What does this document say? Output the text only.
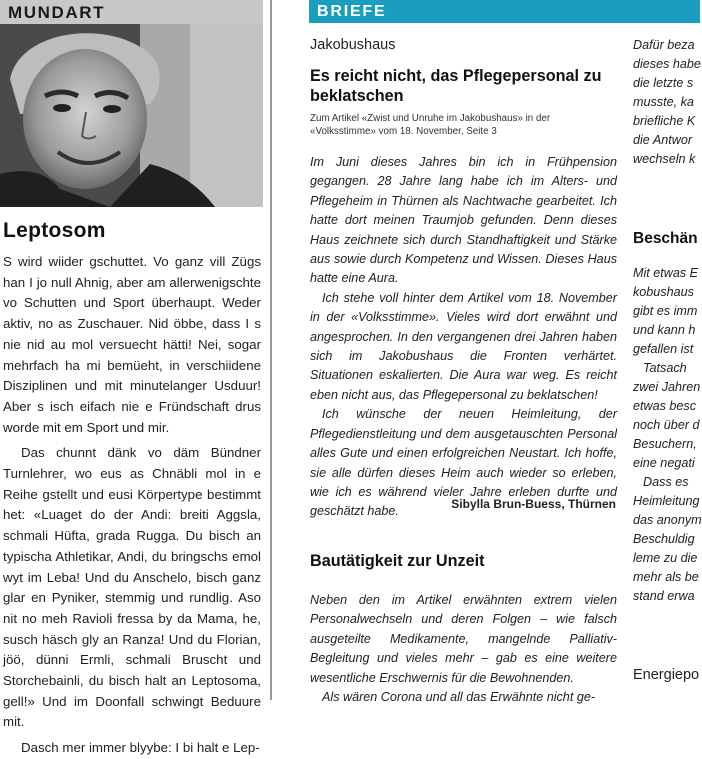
MUNDART
Leptosom

S wird wiider gschuttet. Vo ganz vill Zügs han I jo null Ahnig, aber am allerwenigschte vo Schutten und Sport überhaupt. Weder aktiv, no as Zuschauer. Nid öbbe, dass I s nie nid au mol versuecht hätti! Nei, sogar mehrfach ha mi bemüeht, in verschiidene Disziplinen und mit minutelanger Usduur! Aber s isch eifach nie e Fründschaft drus worde mit em Sport und mir.

Das chunnt dänk vo däm Bündner Turnlehrer, wo eus as Chnäbli mol in e Reihe gstellt und eusi Körpertype bestimmt het: «Luaget do der Andi: breiti Aggsla, schmali Hüfta, grada Rugga. Du bisch an typischa Athletikar, Andi, du bringschs emol wyt im Leba! Und du Anschelo, bisch ganz glar en Pyniker, stemmig und rundlig. Aso nit no meh Ravioli fressa by da Mama, he, susch häsch gly an Ranza! Und du Florian, jöö, dünni Ermli, schmali Bruscht und Storchebainli, du bisch halt an Leptosoma, gell!» Und im Doonfall schwingt Beduure mit.

Dasch mer immer blyybe: I bi halt e Lep-

BRIEFE
Jakobushaus
Es reicht nicht, das Pflegepersonal zu beklatschen
Zum Artikel «Zwist und Unruhe im Jakobushaus» in der «Volksstimme» vom 18. November, Seite 3

Im Juni dieses Jahres bin ich in Frühpension gegangen. 28 Jahre lang habe ich im Alters- und Pflegeheim in Thürnen als Nachtwache gearbeitet. Ich hatte dort meinen Traumjob gefunden. Denn dieses Haus zeichnete sich durch Standhaftigkeit und Stärke aus sowie durch Kompetenz und Wissen. Dieses Haus hatte eine Aura.

Ich stehe voll hinter dem Artikel vom 18. November in der «Volksstimme». Vieles wird dort erwähnt und angesprochen. In den vergangenen drei Jahren haben sich im Jakobushaus die Fronten verhärtet. Situationen eskalierten. Die Aura war weg. Es reicht eben nicht aus, das Pflegepersonal zu beklatschen!

Ich wünsche der neuen Heimleitung, der Pflegedienstleitung und dem ausgetauschten Personal alles Gute und einen erfolgreichen Neustart. Ich hoffe, sie alle dürfen dieses Heim auch wieder so erleben, wie ich es während vieler Jahre erleben durfte und geschätzt habe.

Sibylla Brun-Buess, Thürnen
Bautätigkeit zur Unzeit

Neben den im Artikel erwähnten extrem vielen Personalwechseln und deren Folgen – wie falsch ausgeteilte Medikamente, mangelnde Palliativ-Begleitung und vieles mehr – gab es eine weitere wesentliche Erschwernis für die Bewohnenden.

Als wären Corona und all das Erwähnte nicht ge-

Dafür beza
dieses habe
die letzte s
musste, ka
briefliche K
die Antwor
wechseln k
Beschän
Mit etwas E
kobushaus
gibt es imm
und kann h
gefallen ist
Tatsach
zwei Jahren
etwas besc
noch über d
Besuchern,
eine negati
Dass es
Heimleitung
das anonym
Beschuldig
leme zu die
mehr als be
stand erwa
Energiepo
